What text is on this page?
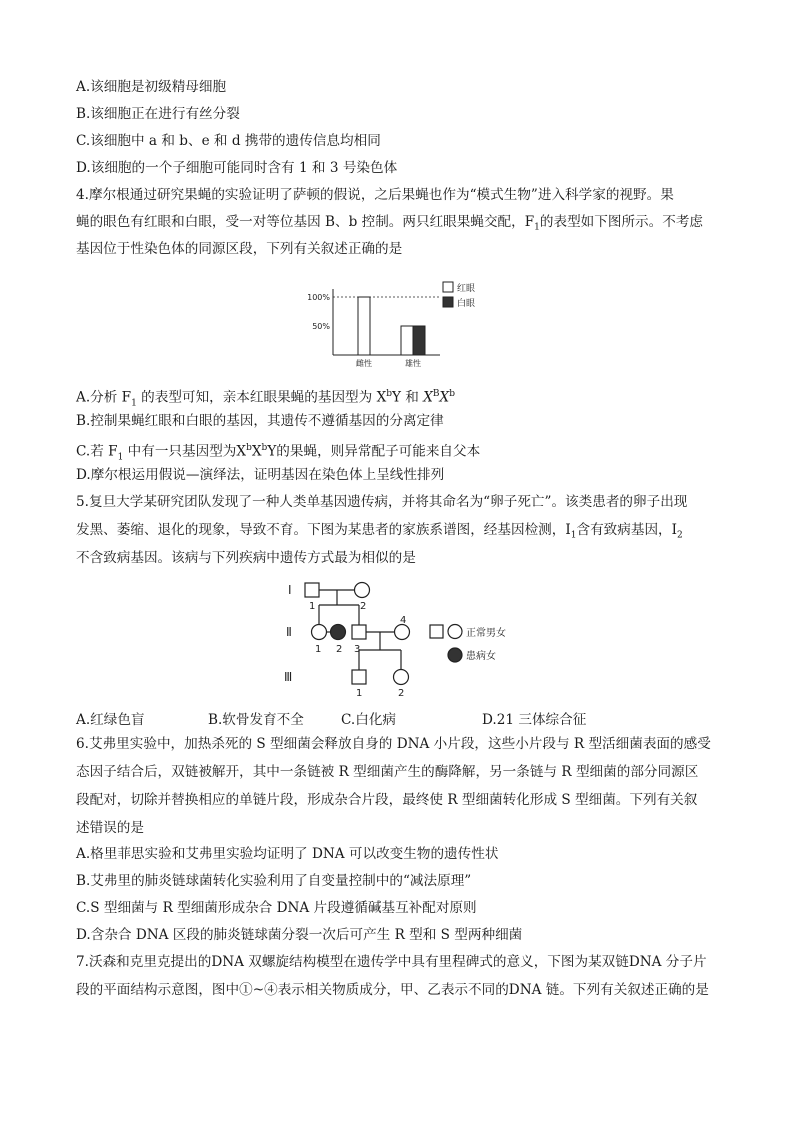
A.该细胞是初级精母细胞
B.该细胞正在进行有丝分裂
C.该细胞中 a 和 b、e 和 d 携带的遗传信息均相同
D.该细胞的一个子细胞可能同时含有 1 和 3 号染色体
4.摩尔根通过研究果蝇的实验证明了萨顿的假说，之后果蝇也作为“模式生物”进入科学家的视野。果
蝇的眼色有红眼和白眼，受一对等位基因 B、b 控制。两只红眼果蝇交配，$F_1$的表型如下图所示。不考虑
基因位于性染色体的同源区段，下列有关叙述正确的是
100%
50%
雌性	雄性
红眼
白眼
A.分析 $F_1$ 的表型可知，亲本红眼果蝇的基因型为 $X^bY$ 和 $X^BX^b$
B.控制果蝇红眼和白眼的基因，其遗传不遵循基因的分离定律
C.若 $F_1$ 中有一只基因型为$X^bX^bY$的果蝇，则异常配子可能来自父本
D.摩尔根运用假说—演绎法，证明基因在染色体上呈线性排列
5.复旦大学某研究团队发现了一种人类单基因遗传病，并将其命名为“卵子死亡”。该类患者的卵子出现
发黑、萎缩、退化的现象，导致不育。下图为某患者的家族系谱图，经基因检测，$Ⅰ_1$含有致病基因，$Ⅰ_2$
不含致病基因。该病与下列疾病中遗传方式最为相似的是
Ⅰ
Ⅱ
Ⅲ
1	2
1 2 3
4
1	2
正常男女
患病女
A.红绿色盲	B.软骨发育不全	C.白化病	D.21 三体综合征
6.艾弗里实验中，加热杀死的 S 型细菌会释放自身的 DNA 小片段，这些小片段与 R 型活细菌表面的感受
态因子结合后，双链被解开，其中一条链被 R 型细菌产生的酶降解，另一条链与 R 型细菌的部分同源区
段配对，切除并替换相应的单链片段，形成杂合片段，最终使 R 型细菌转化形成 S 型细菌。下列有关叙
述错误的是
A.格里菲思实验和艾弗里实验均证明了 DNA 可以改变生物的遗传性状
B.艾弗里的肺炎链球菌转化实验利用了自变量控制中的“减法原理”
C.S 型细菌与 R 型细菌形成杂合 DNA 片段遵循碱基互补配对原则
D.含杂合 DNA 区段的肺炎链球菌分裂一次后可产生 R 型和 S 型两种细菌
7.沃森和克里克提出的DNA 双螺旋结构模型在遗传学中具有里程碑式的意义，下图为某双链DNA 分子片
段的平面结构示意图，图中①~④表示相关物质成分，甲、乙表示不同的DNA 链。下列有关叙述正确的是
